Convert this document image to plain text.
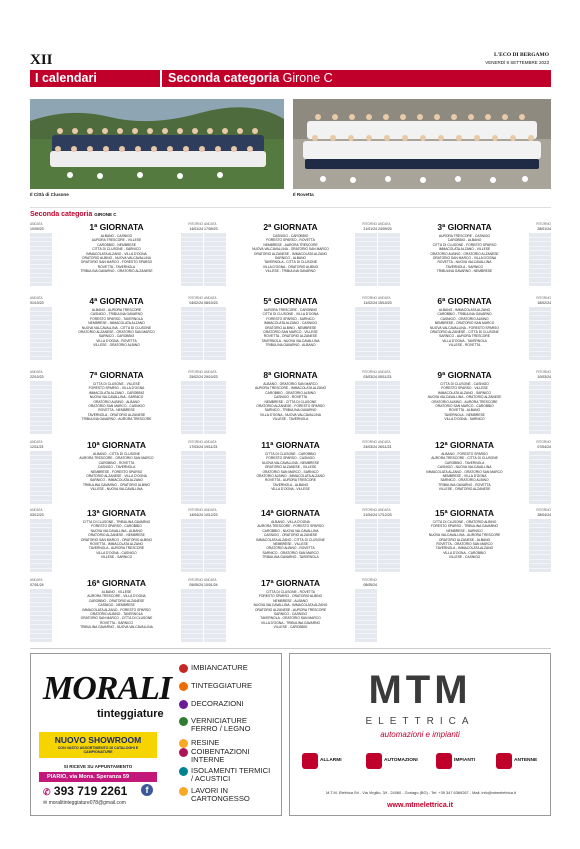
XII	L'ECO DI BERGAMO
VENERDÌ 8 SETTEMBRE 2023
I calendari	Seconda categoria Girone C
Il Città di Clusone	Il Rovetta
Seconda categoria GIRONE C
ANDATA
10/09/23
RITORNO
14/01/24
1ª GIORNATA
ALBANO - CASNIGO
AURORA TRESCORE - VILLESE
CAROBBIO - NEMBRESE
CITTÀ DI CLUSONE - SARNICO
IMMACOLATA ALZANO - VILLA D'OGNA
ORATORIO ALBINO - NUOVA VALCAVALLINA
ORATORIO SAN MARCO - FORESTO SPARSO
ROVETTA - TAVERNOLA
TRIBULINA GAVARNO - ORATORIO ALZANESE
ANDATA
17/09/23
RITORNO
21/01/24
2ª GIORNATA
CASNIGO - CAROBBIO
FORESTO SPARSO - ROVETTA
NEMBRESE - AURORA TRESCORE
NUOVA VALCAVALLINA - ORATORIO SAN MARCO
ORATORIO ALZANESE - IMMACOLATA ALZANO
SARNICO - ALBANO
TAVERNOLA - CITTÀ DI CLUSONE
VILLA D'OGNA - ORATORIO ALBINO
VILLESE - TRIBULINA GAVARNO
ANDATA
24/09/23
RITORNO
28/01/24
3ª GIORNATA
AURORA TRESCORE - CASNIGO
CAROBBIO - ALBANO
CITTÀ DI CLUSONE - FORESTO SPARSO
IMMACOLATA ALZANO - VILLESE
ORATORIO ALBINO - ORATORIO ALZANESE
ORATORIO SAN MARCO - VILLA D'OGNA
ROVETTA - NUOVA VALCAVALLINA
TAVERNOLA - SARNICO
TRIBULINA GAVARNO - NEMBRESE
ANDATA
01/10/23
RITORNO
04/02/24
4ª GIORNATA
ALBANO - AURORA TRESCORE
CASNIGO - TRIBULINA GAVARNO
FORESTO SPARSO - TAVERNOLA
NEMBRESE - IMMACOLATA ALZANO
NUOVA VALCAVALLINA - CITTÀ DI CLUSONE
ORATORIO ALZANESE - ORATORIO SAN MARCO
SARNICO - CAROBBIO
VILLA D'OGNA - ROVETTA
VILLESE - ORATORIO ALBINO
ANDATA
08/10/23
RITORNO
11/02/24
5ª GIORNATA
AURORA TRESCORE - CAROBBIO
CITTÀ DI CLUSONE - VILLA D'OGNA
FORESTO SPARSO - SARNICO
IMMACOLATA ALZANO - CASNIGO
ORATORIO ALBINO - NEMBRESE
ORATORIO SAN MARCO - VILLESE
ROVETTA - ORATORIO ALZANESE
TAVERNOLA - NUOVA VALCAVALLINA
TRIBULINA GAVARNO - ALBANO
ANDATA
15/10/23
RITORNO
18/02/24
6ª GIORNATA
ALBANO - IMMACOLATA ALZANO
CAROBBIO - TRIBULINA GAVARNO
CASNIGO - ORATORIO ALBINO
NEMBRESE - ORATORIO SAN MARCO
NUOVA VALCAVALLINA - FORESTO SPARSO
ORATORIO ALZANESE - CITTÀ DI CLUSONE
SARNICO - AURORA TRESCORE
VILLA D'OGNA - TAVERNOLA
VILLESE - ROVETTA
ANDATA
22/10/23
RITORNO
25/02/24
7ª GIORNATA
CITTÀ DI CLUSONE - VILLESE
FORESTO SPARSO - VILLA D'OGNA
IMMACOLATA ALZANO - CAROBBIO
NUOVA VALCAVALLINA - SARNICO
ORATORIO ALBINO - ALBANO
ORATORIO SAN MARCO - CASNIGO
ROVETTA - NEMBRESE
TAVERNOLA - ORATORIO ALZANESE
TRIBULINA GAVARNO - AURORA TRESCORE
ANDATA
29/10/23
RITORNO
03/03/24
8ª GIORNATA
ALBANO - ORATORIO SAN MARCO
AURORA TRESCORE - IMMACOLATA ALZANO
CAROBBIO - ORATORIO ALBINO
CASNIGO - ROVETTA
NEMBRESE - CITTÀ DI CLUSONE
ORATORIO ALZANESE - FORESTO SPARSO
SARNICO - TRIBULINA GAVARNO
VILLA D'OGNA - NUOVA VALCAVALLINA
VILLESE - TAVERNOLA
ANDATA
05/11/23
RITORNO
10/03/24
9ª GIORNATA
CITTÀ DI CLUSONE - CASNIGO
FORESTO SPARSO - VILLESE
IMMACOLATA ALZANO - SARNICO
NUOVA VALCAVALLINA - ORATORIO ALZANESE
ORATORIO ALBINO - AURORA TRESCORE
ORATORIO SAN MARCO - CAROBBIO
ROVETTA - ALBANO
TAVERNOLA - NEMBRESE
VILLA D'OGNA - SARNICO
ANDATA
12/11/23
RITORNO
17/03/24
10ª GIORNATA
ALBANO - CITTÀ DI CLUSONE
AURORA TRESCORE - ORATORIO SAN MARCO
CAROBBIO - ROVETTA
CASNIGO - TAVERNOLA
NEMBRESE - FORESTO SPARSO
ORATORIO ALZANESE - VILLA D'OGNA
SARNICO - IMMACOLATA ALZANO
TRIBULINA GAVARNO - ORATORIO ALBINO
VILLESE - NUOVA VALCAVALLINA
ANDATA
19/11/23
RITORNO
24/03/24
11ª GIORNATA
CITTÀ DI CLUSONE - CAROBBIO
FORESTO SPARSO - CASNIGO
NUOVA VALCAVALLINA - NEMBRESE
ORATORIO ALZANESE - VILLESE
ORATORIO SAN MARCO - SARNICO
ORATORIO ALBINO - IMMACOLATA ALZANO
ROVETTA - AURORA TRESCORE
TAVERNOLA - ALBANO
VILLA D'OGNA - VILLESE
ANDATA
26/11/23
RITORNO
07/04/24
12ª GIORNATA
ALBANO - FORESTO SPARSO
AURORA TRESCORE - CITTÀ DI CLUSONE
CAROBBIO - TAVERNOLA
CASNIGO - NUOVA VALCAVALLINA
IMMACOLATA ALZANO - ORATORIO SAN MARCO
NEMBRESE - VILLA D'OGNA
SARNICO - ORATORIO ALBINO
TRIBULINA GAVARNO - ROVETTA
VILLESE - ORATORIO ALZANESE
ANDATA
03/12/23
RITORNO
14/04/24
13ª GIORNATA
CITTÀ DI CLUSONE - TRIBULINA GAVARNO
FORESTO SPARSO - CAROBBIO
NUOVA VALCAVALLINA - ALBANO
ORATORIO ALZANESE - NEMBRESE
ORATORIO SAN MARCO - ORATORIO ALBINO
ROVETTA - IMMACOLATA ALZANO
TAVERNOLA - AURORA TRESCORE
VILLA D'OGNA - CASNIGO
VILLESE - SARNICO
ANDATA
10/12/23
RITORNO
21/04/24
14ª GIORNATA
ALBANO - VILLA D'OGNA
AURORA TRESCORE - FORESTO SPARSO
CAROBBIO - NUOVA VALCAVALLINA
CASNIGO - ORATORIO ALZANESE
IMMACOLATA ALZANO - CITTÀ DI CLUSONE
NEMBRESE - VILLESE
ORATORIO ALBINO - ROVETTA
SARNICO - ORATORIO SAN MARCO
TRIBULINA GAVARNO - TAVERNOLA
ANDATA
17/12/23
RITORNO
28/04/24
15ª GIORNATA
CITTÀ DI CLUSONE - ORATORIO ALBINO
FORESTO SPARSO - TRIBULINA GAVARNO
NEMBRESE - SARNICO
NUOVA VALCAVALLINA - AURORA TRESCORE
ORATORIO ALZANESE - ALBANO
ROVETTA - ORATORIO SAN MARCO
TAVERNOLA - IMMACOLATA ALZANO
VILLA D'OGNA - CAROBBIO
VILLESE - CASNIGO
ANDATA
07/01/24
RITORNO
05/05/24
16ª GIORNATA
ALBANO - VILLESE
AURORA TRESCORE - VILLA D'OGNA
CAROBBIO - ORATORIO ALZANESE
CASNIGO - NEMBRESE
IMMACOLATA ALZANO - FORESTO SPARSO
ORATORIO ALBINO - TAVERNOLA
ORATORIO SAN MARCO - CITTÀ DI CLUSONE
ROVETTA - SARNICO
TRIBULINA GAVARNO - NUOVA VALCAVALLINA
ANDATA
10/01/24
RITORNO
08/05/24
17ª GIORNATA
CITTÀ DI CLUSONE - ROVETTA
FORESTO SPARSO - ORATORIO ALBINO
NEMBRESE - ALBANO
NUOVA VALCAVALLINA - IMMACOLATA ALZANO
ORATORIO ALZANESE - AURORA TRESCORE
SARNICO - CASNIGO
TAVERNOLA - ORATORIO SAN MARCO
VILLA D'OGNA - TRIBULINA GAVARNO
VILLESE - CAROBBIO
MORALI
tinteggiature
NUOVO SHOWROOM
CON VASTO ASSORTIMENTO DI CATALOGHI E CAMPIONATURE
SI RICEVE SU APPUNTAMENTO
PIARIO, via Mons. Speranza 59
✆ 393 719 2261	f
✉ moralitinteggiature078@gmail.com
IMBIANCATURE
TINTEGGIATURE
DECORAZIONI
VERNICIATURE FERRO / LEGNO
RESINE
COIBENTAZIONI INTERNE
ISOLAMENTI TERMICI / ACUSTICI
LAVORI IN CARTONGESSO
MTM
ELETTRICA
automazioni e impianti
ALLARMI	AUTOMAZIONI	IMPIANTI	ANTENNE
M.T.M. Elettrica Srl - Via Virgilio, 3/f - 24060 - Gorlago (BG) - Tel: +39 347 6369267 - Mail: info@mtmelettrica.it
www.mtmelettrica.it
